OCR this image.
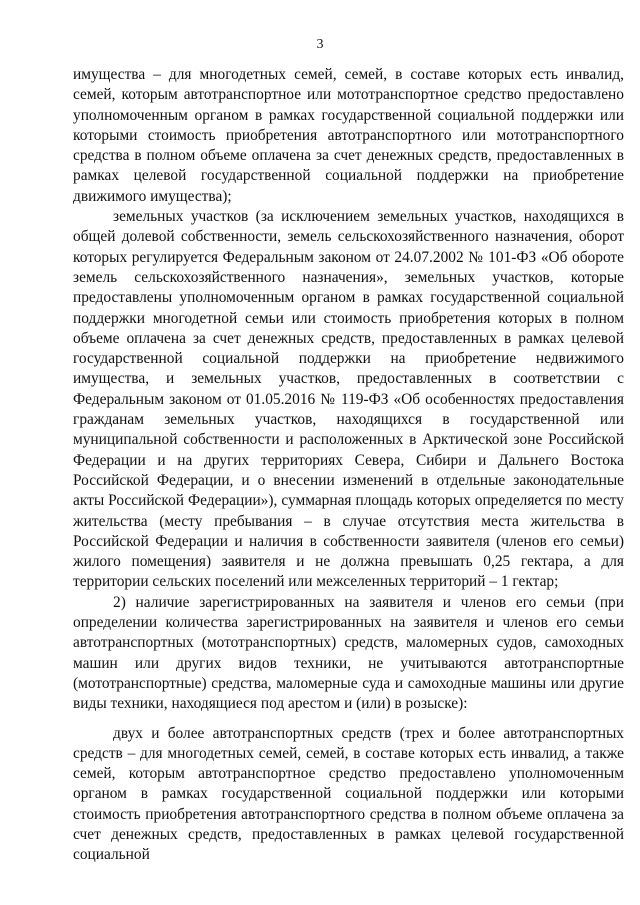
3

имущества – для многодетных семей, семей, в составе которых есть инвалид, семей, которым автотранспортное или мототранспортное средство предоставлено уполномоченным органом в рамках государственной социальной поддержки или которыми стоимость приобретения автотранспортного или мототранспортного средства в полном объеме оплачена за счет денежных средств, предоставленных в рамках целевой государственной социальной поддержки на приобретение движимого имущества);

земельных участков (за исключением земельных участков, находящихся в общей долевой собственности, земель сельскохозяйственного назначения, оборот которых регулируется Федеральным законом от 24.07.2002 № 101-ФЗ «Об обороте земель сельскохозяйственного назначения», земельных участков, которые предоставлены уполномоченным органом в рамках государственной социальной поддержки многодетной семьи или стоимость приобретения которых в полном объеме оплачена за счет денежных средств, предоставленных в рамках целевой государственной социальной поддержки на приобретение недвижимого имущества, и земельных участков, предоставленных в соответствии с Федеральным законом от 01.05.2016 № 119-ФЗ «Об особенностях предоставления гражданам земельных участков, находящихся в государственной или муниципальной собственности и расположенных в Арктической зоне Российской Федерации и на других территориях Севера, Сибири и Дальнего Востока Российской Федерации, и о внесении изменений в отдельные законодательные акты Российской Федерации»), суммарная площадь которых определяется по месту жительства (месту пребывания – в случае отсутствия места жительства в Российской Федерации и наличия в собственности заявителя (членов его семьи) жилого помещения) заявителя и не должна превышать 0,25 гектара, а для территории сельских поселений или межселенных территорий – 1 гектар;

2) наличие зарегистрированных на заявителя и членов его семьи (при определении количества зарегистрированных на заявителя и членов его семьи автотранспортных (мототранспортных) средств, маломерных судов, самоходных машин или других видов техники, не учитываются автотранспортные (мототранспортные) средства, маломерные суда и самоходные машины или другие виды техники, находящиеся под арестом и (или) в розыске):

двух и более автотранспортных средств (трех и более автотранспортных средств – для многодетных семей, семей, в составе которых есть инвалид, а также семей, которым автотранспортное средство предоставлено уполномоченным органом в рамках государственной социальной поддержки или которыми стоимость приобретения автотранспортного средства в полном объеме оплачена за счет денежных средств, предоставленных в рамках целевой государственной социальной
